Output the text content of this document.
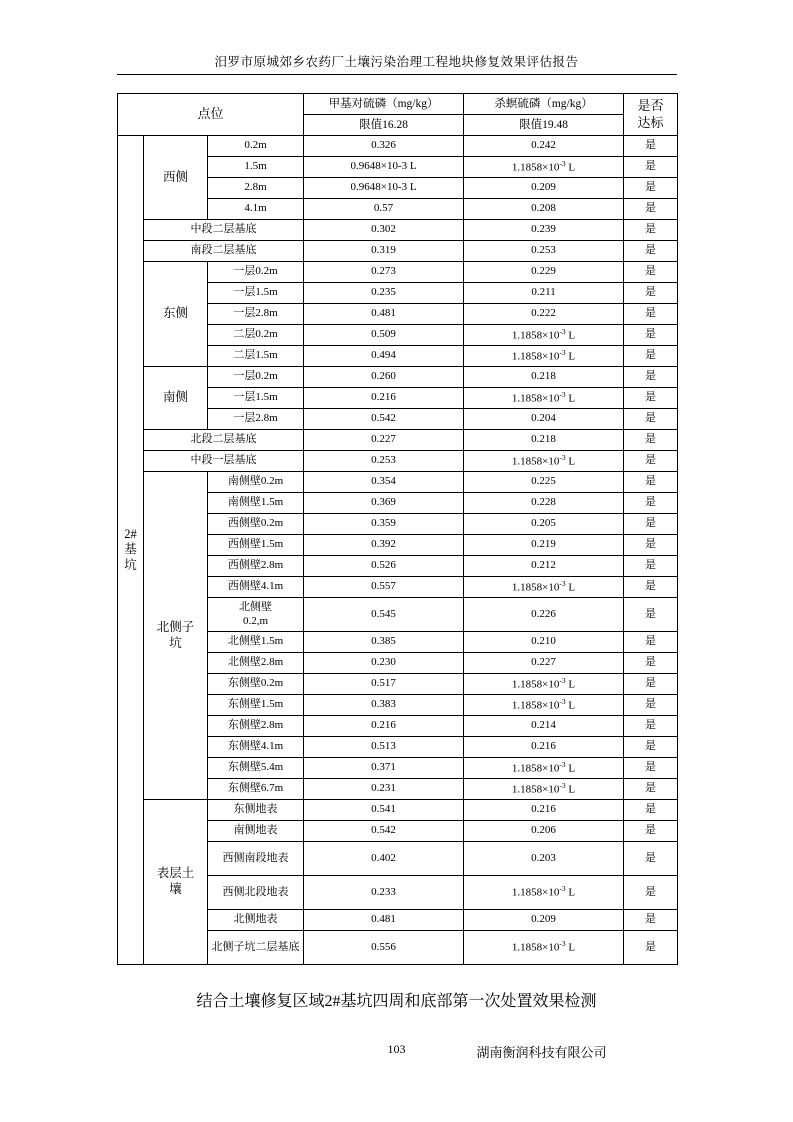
汨罗市原城郊乡农药厂土壤污染治理工程地块修复效果评估报告
点位			甲基对硫磷（mg/kg）	杀螟硫磷（mg/kg）	是否
达标

			限值16.28	限值19.48	

2#
基
坑	西侧	0.2m	0.326	0.242	是
		1.5m	0.9648×10-3 L	$1.1858\times 10^{-3}$ L	是
		2.8m	0.9648×10-3 L	0.209	是
		4.1m	0.57	0.208	是
	中段二层基底		0.302	0.239	是
	南段二层基底		0.319	0.253	是
	东侧	一层0.2m	0.273	0.229	是
		一层1.5m	0.235	0.211	是
		一层2.8m	0.481	0.222	是
		二层0.2m	0.509	$1.1858\times 10^{-3}$ L	是
		二层1.5m	0.494	$1.1858\times 10^{-3}$ L	是
	南侧	一层0.2m	0.260	0.218	是
		一层1.5m	0.216	$1.1858\times 10^{-3}$ L	是
		一层2.8m	0.542	0.204	是
	北段二层基底		0.227	0.218	是
	中段一层基底		0.253	$1.1858\times 10^{-3}$ L	是

	北侧子
坑	南侧壁0.2m	0.354	0.225	是
		南侧壁1.5m	0.369	0.228	是
		西侧壁0.2m	0.359	0.205	是
		西侧壁1.5m	0.392	0.219	是
		西侧壁2.8m	0.526	0.212	是
		西侧壁4.1m	0.557	$1.1858\times 10^{-3}$ L	是

		北侧壁
0.2,m	0.545	0.226	是
		北侧壁1.5m	0.385	0.210	是
		北侧壁2.8m	0.230	0.227	是
		东侧壁0.2m	0.517	$1.1858\times 10^{-3}$ L	是
		东侧壁1.5m	0.383	$1.1858\times 10^{-3}$ L	是
		东侧壁2.8m	0.216	0.214	是
		东侧壁4.1m	0.513	0.216	是
		东侧壁5.4m	0.371	$1.1858\times 10^{-3}$ L	是
		东侧壁6.7m	0.231	$1.1858\times 10^{-3}$ L	是

	表层土
壤	东侧地表	0.541	0.216	是
		南侧地表	0.542	0.206	是
		西侧南段地表	0.402	0.203	是
		西侧北段地表	0.233	$1.1858\times 10^{-3}$ L	是
		北侧地表	0.481	0.209	是
		北侧子坑二层基底	0.556	$1.1858\times 10^{-3}$ L	是
结合土壤修复区域2#基坑四周和底部第一次处置效果检测
103	湖南衡润科技有限公司
